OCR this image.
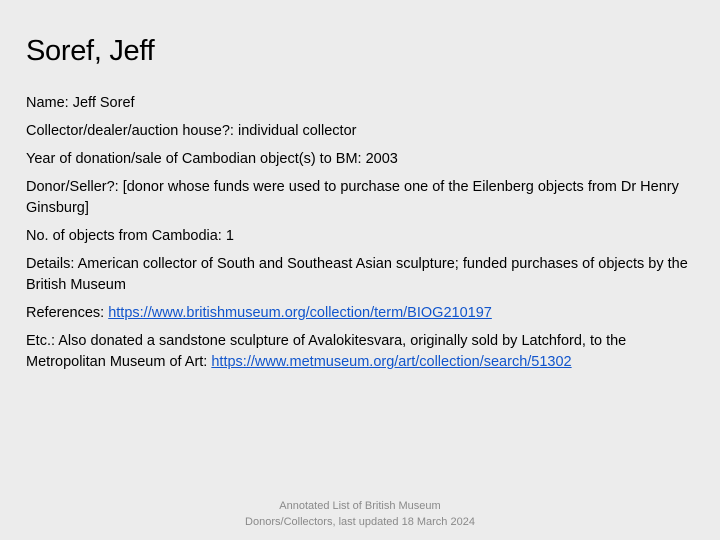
Soref, Jeff

Name: Jeff Soref

Collector/dealer/auction house?: individual collector

Year of donation/sale of Cambodian object(s) to BM: 2003

Donor/Seller?: [donor whose funds were used to purchase one of the Eilenberg objects from Dr Henry Ginsburg]

No. of objects from Cambodia: 1

Details: American collector of South and Southeast Asian sculpture; funded purchases of objects by the British Museum

References: https://www.britishmuseum.org/collection/term/BIOG210197

Etc.: Also donated a sandstone sculpture of Avalokitesvara, originally sold by Latchford, to the Metropolitan Museum of Art: https://www.metmuseum.org/art/collection/search/51302

Annotated List of British Museum
Donors/Collectors, last updated 18 March 2024
